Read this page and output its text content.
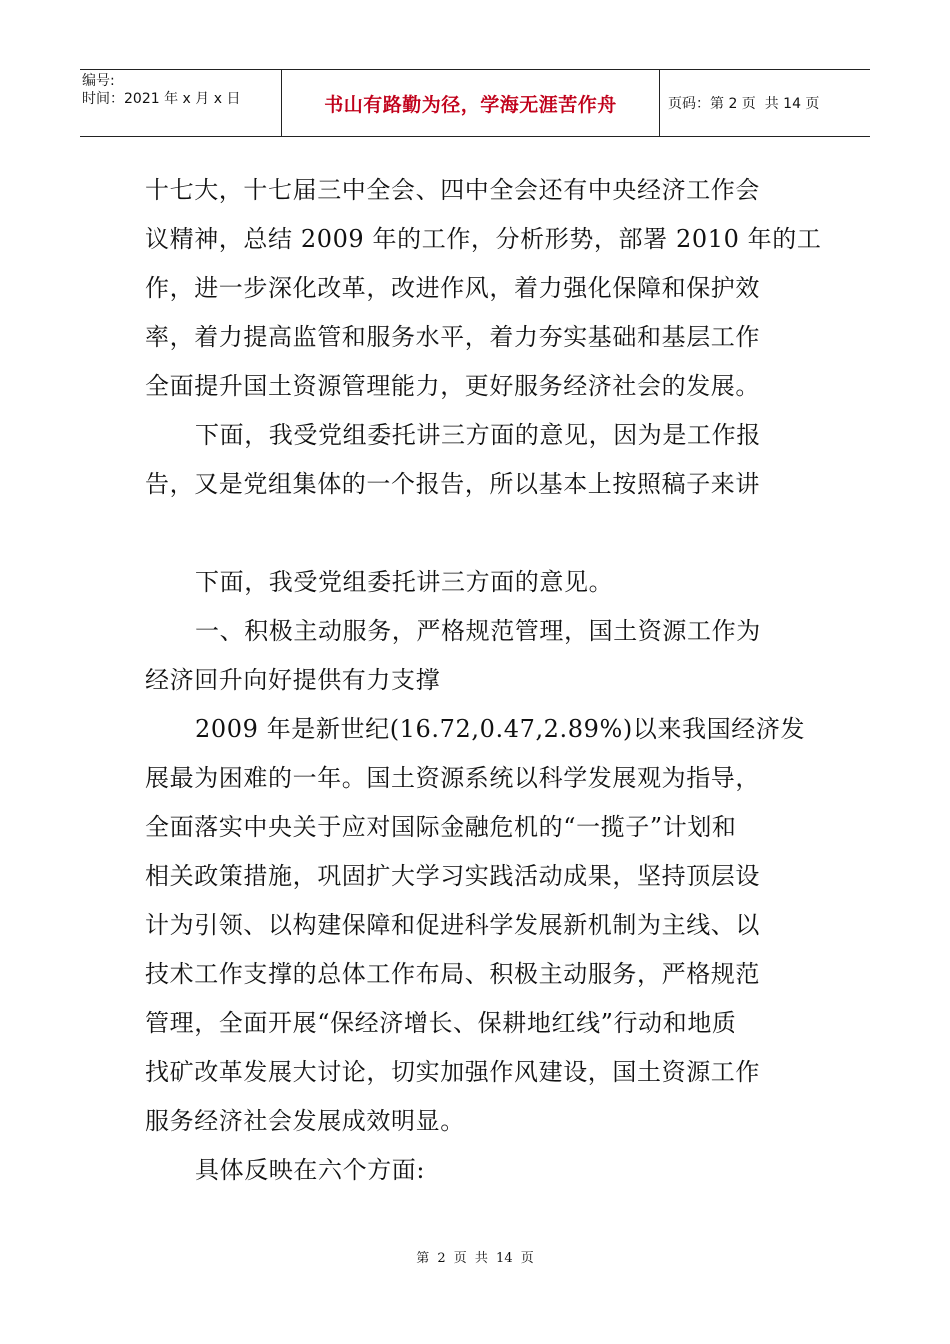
编号:
时间：2021 年 x 月 x 日	书山有路勤为径，学海无涯苦作舟	页码：第 2 页  共 14 页

十七大，十七届三中全会、四中全会还有中央经济工作会
议精神，总结 2009 年的工作，分析形势，部署 2010 年的工
作，进一步深化改革，改进作风，着力强化保障和保护效
率，着力提高监管和服务水平，着力夯实基础和基层工作
全面提升国土资源管理能力，更好服务经济社会的发展。

下面，我受党组委托讲三方面的意见，因为是工作报
告，又是党组集体的一个报告，所以基本上按照稿子来讲

下面，我受党组委托讲三方面的意见。

一、积极主动服务，严格规范管理，国土资源工作为
经济回升向好提供有力支撑

2009 年是新世纪(16.72,0.47,2.89%)以来我国经济发
展最为困难的一年。国土资源系统以科学发展观为指导，
全面落实中央关于应对国际金融危机的“一揽子”计划和
相关政策措施，巩固扩大学习实践活动成果，坚持顶层设
计为引领、以构建保障和促进科学发展新机制为主线、以
技术工作支撑的总体工作布局、积极主动服务，严格规范
管理，全面开展“保经济增长、保耕地红线”行动和地质
找矿改革发展大讨论，切实加强作风建设，国土资源工作
服务经济社会发展成效明显。

具体反映在六个方面:

第 2 页 共 14 页
